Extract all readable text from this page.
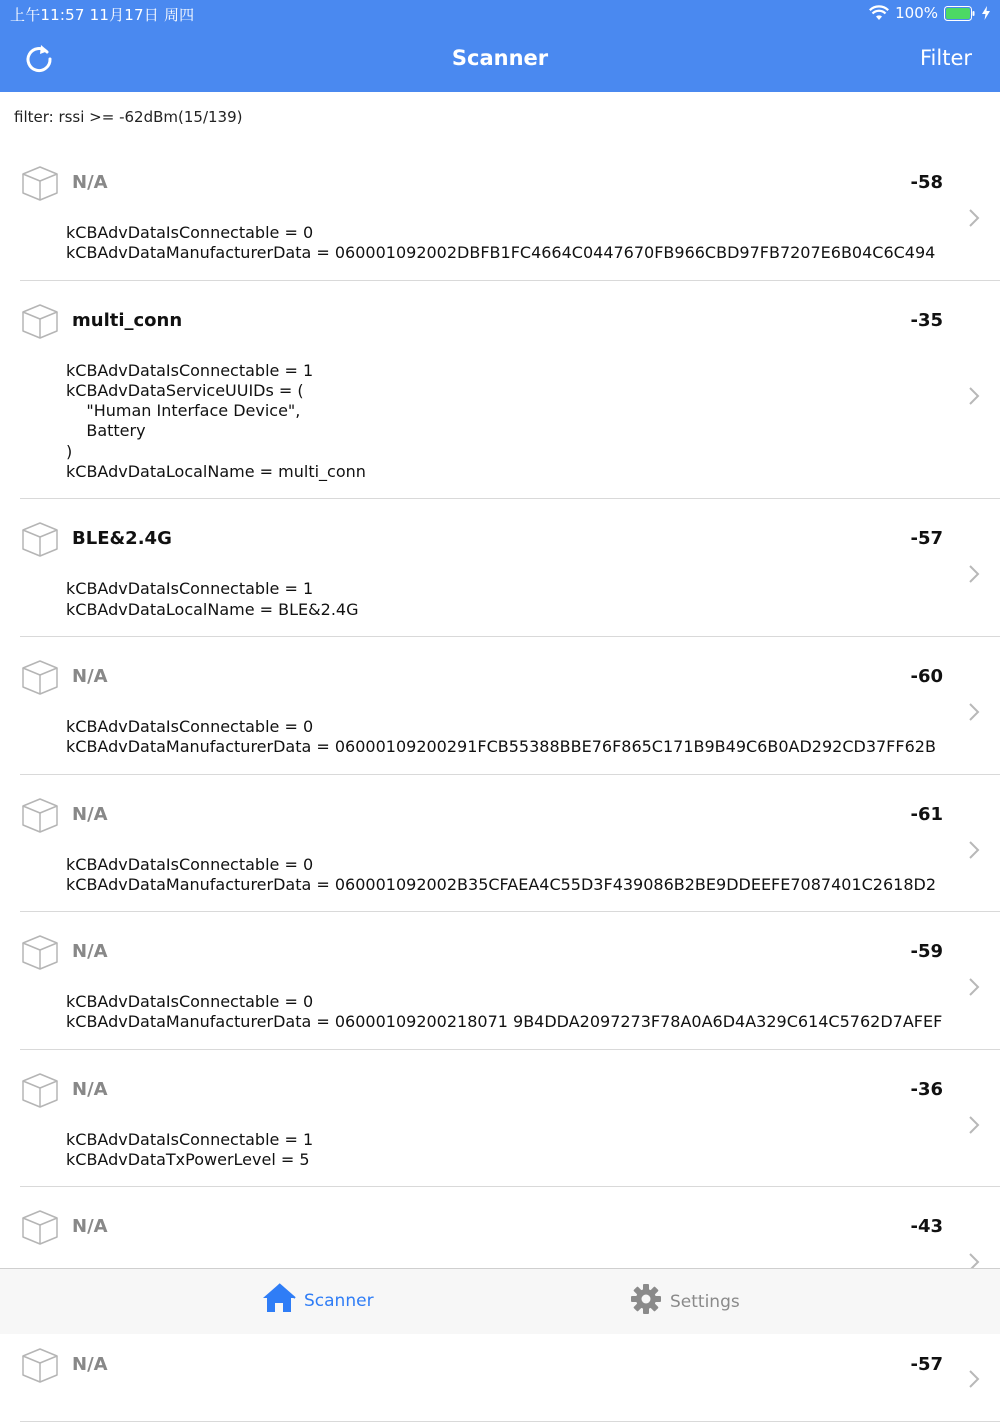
上午11:57 11月17日 周四	100%
Scanner	Filter
filter: rssi >= -62dBm(15/139)
N/A	-58
kCBAdvDataIsConnectable = 0
kCBAdvDataManufacturerData = 060001092002DBFB1FC4664C0447670FB966CBD97FB7207E6B04C6C494
multi_conn	-35
kCBAdvDataIsConnectable = 1
kCBAdvDataServiceUUIDs = (
"Human Interface Device",
Battery
)
kCBAdvDataLocalName = multi_conn
BLE&2.4G	-57
kCBAdvDataIsConnectable = 1
kCBAdvDataLocalName = BLE&2.4G
N/A	-60
kCBAdvDataIsConnectable = 0
kCBAdvDataManufacturerData = 06000109200291FCB55388BBE76F865C171B9B49C6B0AD292CD37FF62B
N/A	-61
kCBAdvDataIsConnectable = 0
kCBAdvDataManufacturerData = 060001092002B35CFAEA4C55D3F439086B2BE9DDEEFE7087401C2618D2
N/A	-59
kCBAdvDataIsConnectable = 0
kCBAdvDataManufacturerData = 06000109200218071 9B4DDA2097273F78A0A6D4A329C614C5762D7AFEF
N/A	-36
kCBAdvDataIsConnectable = 1
kCBAdvDataTxPowerLevel = 5
N/A	-43
N/A	-57
Scanner	Settings
